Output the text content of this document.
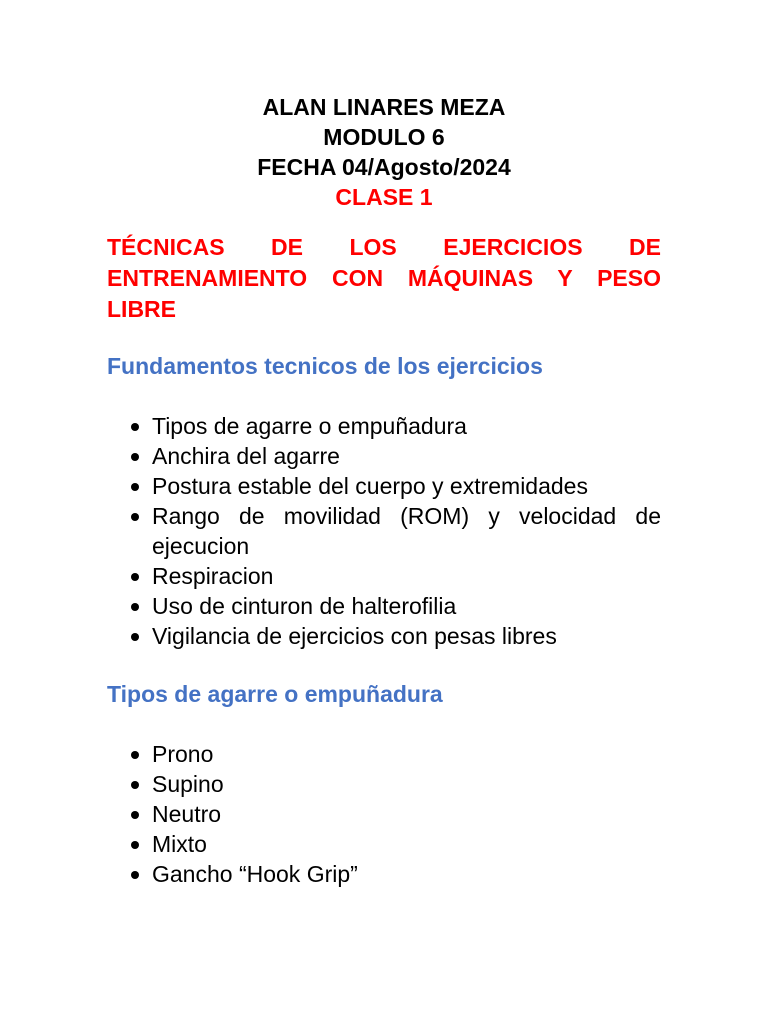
ALAN LINARES MEZA
MODULO 6
FECHA 04/Agosto/2024
CLASE 1
TÉCNICAS DE LOS EJERCICIOS DE ENTRENAMIENTO CON MÁQUINAS Y PESO LIBRE
Fundamentos tecnicos de los ejercicios
Tipos de agarre o empuñadura
Anchira del agarre
Postura estable del cuerpo y extremidades
Rango de movilidad (ROM) y velocidad de ejecucion
Respiracion
Uso de cinturon de halterofilia
Vigilancia de ejercicios con pesas libres
Tipos de agarre o empuñadura
Prono
Supino
Neutro
Mixto
Gancho “Hook Grip”
